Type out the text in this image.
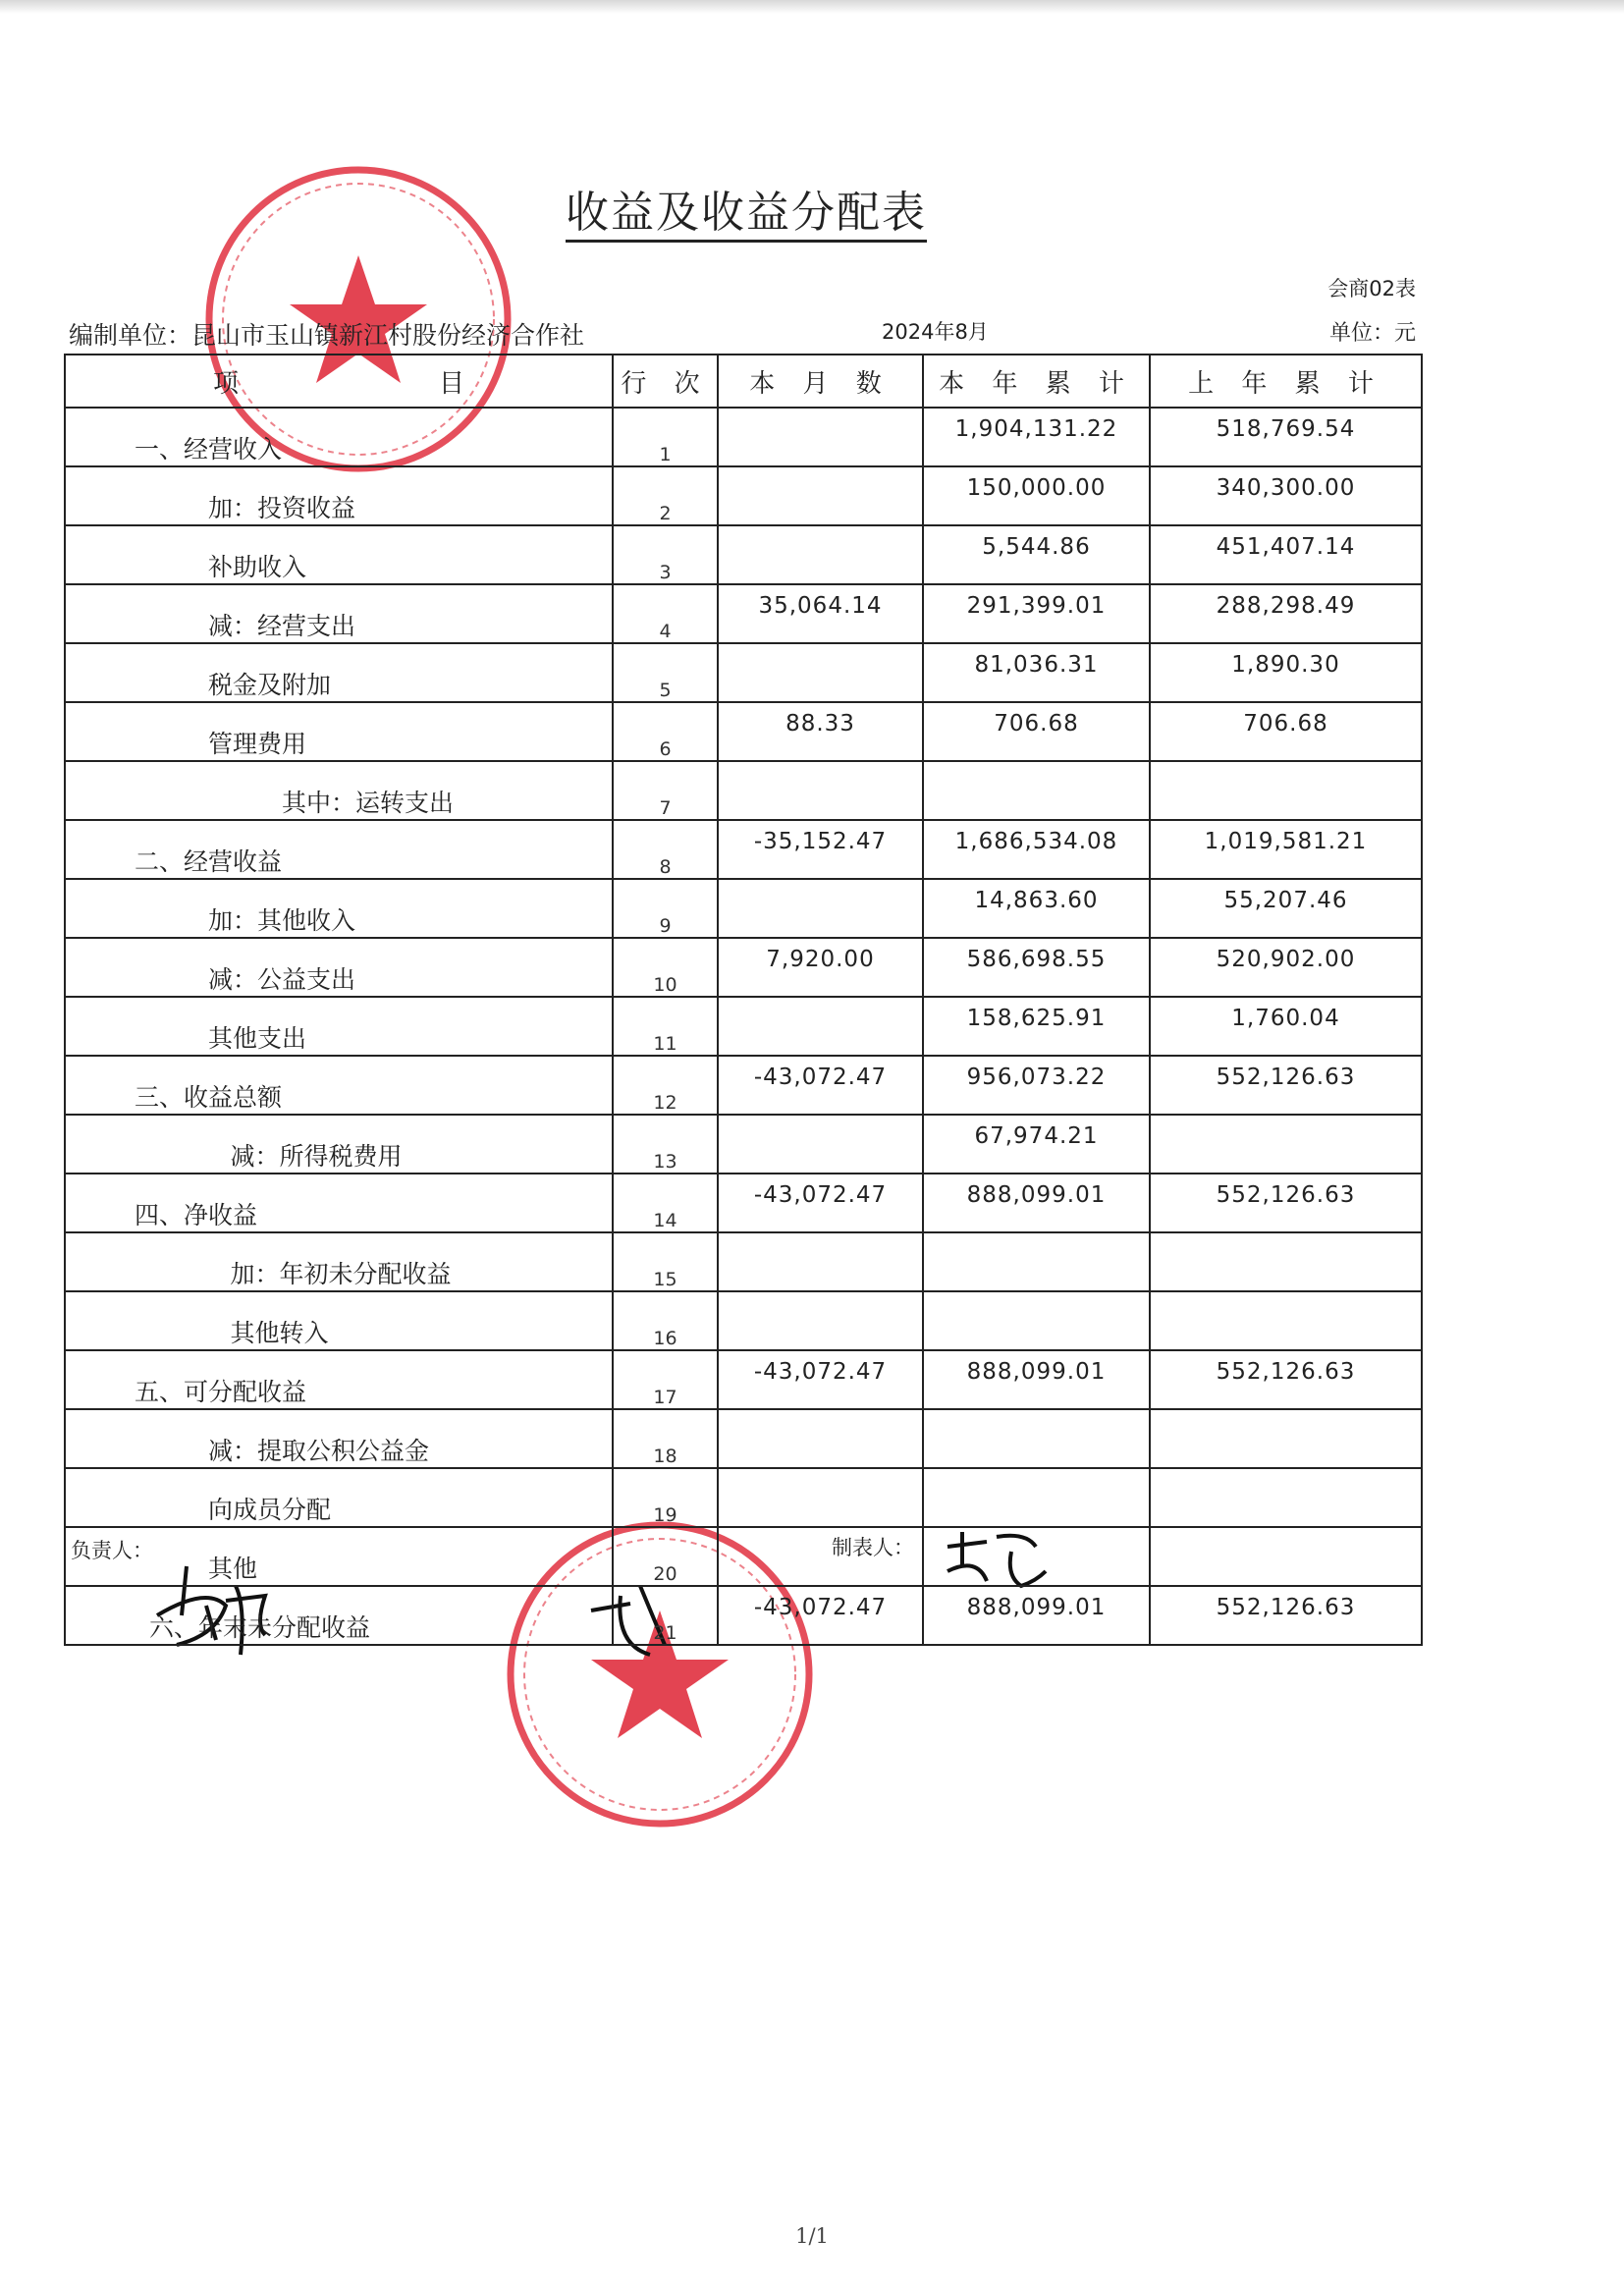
收益及收益分配表
会商02表
编制单位：昆山市玉山镇新江村股份经济合作社	2024年8月	单位：元
项 目	行 次	本 月 数	本 年 累 计	上 年 累 计
一、经营收入	1		1,904,131.22	518,769.54
加：投资收益	2		150,000.00	340,300.00
补助收入	3		5,544.86	451,407.14
减：经营支出	4	35,064.14	291,399.01	288,298.49
税金及附加	5		81,036.31	1,890.30
管理费用	6	88.33	706.68	706.68
其中：运转支出	7			
二、经营收益	8	-35,152.47	1,686,534.08	1,019,581.21
加：其他收入	9		14,863.60	55,207.46
减：公益支出	10	7,920.00	586,698.55	520,902.00
其他支出	11		158,625.91	1,760.04
三、收益总额	12	-43,072.47	956,073.22	552,126.63
减：所得税费用	13		67,974.21	
四、净收益	14	-43,072.47	888,099.01	552,126.63
加：年初未分配收益	15			
其他转入	16			
五、可分配收益	17	-43,072.47	888,099.01	552,126.63
减：提取公积公益金	18			
向成员分配	19			
其他	20			
六、年末未分配收益	21	-43,072.47	888,099.01	552,126.63
负责人：	制表人：
1/1
